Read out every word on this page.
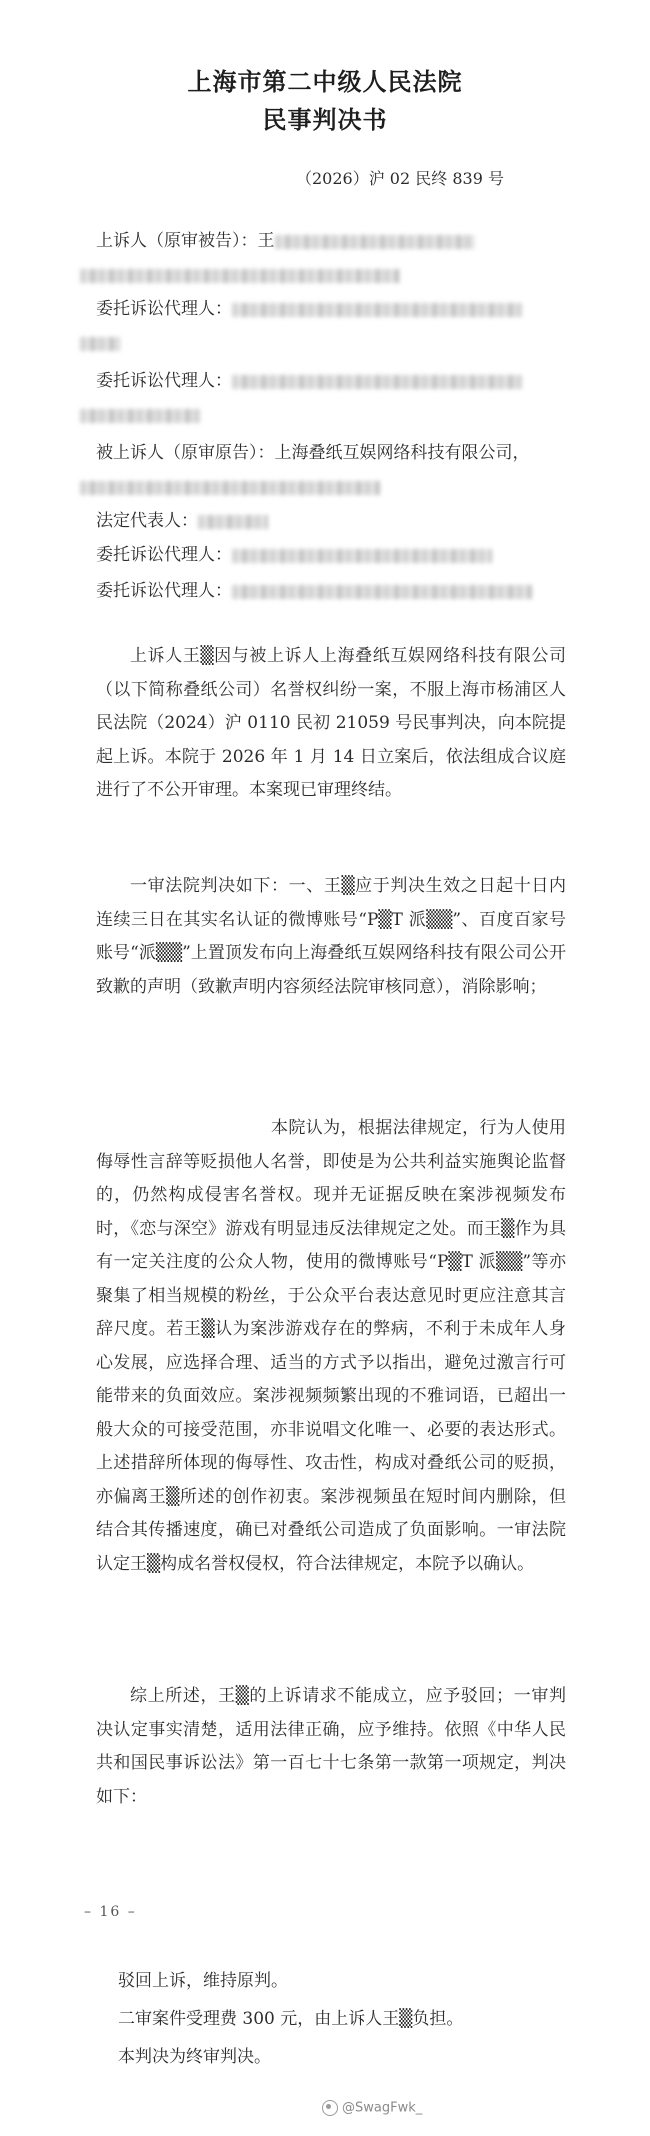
上海市第二中级人民法院
民事判决书
（2026）沪 02 民终 839 号
上诉人（原审被告）：王
委托诉讼代理人：
委托诉讼代理人：
被上诉人（原审原告）：上海叠纸互娱网络科技有限公司，
法定代表人：
委托诉讼代理人：
委托诉讼代理人：

上诉人王▒因与被上诉人上海叠纸互娱网络科技有限公司（以下简称叠纸公司）名誉权纠纷一案，不服上海市杨浦区人民法院（2024）沪 0110 民初 21059 号民事判决，向本院提起上诉。本院于 2026 年 1 月 14 日立案后，依法组成合议庭进行了不公开审理。本案现已审理终结。

一审法院判决如下：一、王▒应于判决生效之日起十日内连续三日在其实名认证的微博账号“P▒T 派▒▒”、百度百家号账号“派▒▒”上置顶发布向上海叠纸互娱网络科技有限公司公开致歉的声明（致歉声明内容须经法院审核同意），消除影响；

本院认为，根据法律规定，行为人使用侮辱性言辞等贬损他人名誉，即使是为公共利益实施舆论监督的，仍然构成侵害名誉权。现并无证据反映在案涉视频发布时，《恋与深空》游戏有明显违反法律规定之处。而王▒作为具有一定关注度的公众人物，使用的微博账号“P▒T 派▒▒”等亦聚集了相当规模的粉丝，于公众平台表达意见时更应注意其言辞尺度。若王▒认为案涉游戏存在的弊病，不利于未成年人身心发展，应选择合理、适当的方式予以指出，避免过激言行可能带来的负面效应。案涉视频频繁出现的不雅词语，已超出一般大众的可接受范围，亦非说唱文化唯一、必要的表达形式。上述措辞所体现的侮辱性、攻击性，构成对叠纸公司的贬损，亦偏离王▒所述的创作初衷。案涉视频虽在短时间内删除，但结合其传播速度，确已对叠纸公司造成了负面影响。一审法院认定王▒构成名誉权侵权，符合法律规定，本院予以确认。

综上所述，王▒的上诉请求不能成立，应予驳回；一审判决认定事实清楚，适用法律正确，应予维持。依照《中华人民共和国民事诉讼法》第一百七十七条第一款第一项规定，判决如下：

– 16 –
驳回上诉，维持原判。
二审案件受理费 300 元，由上诉人王▒负担。
本判决为终审判决。
@SwagFwk_
